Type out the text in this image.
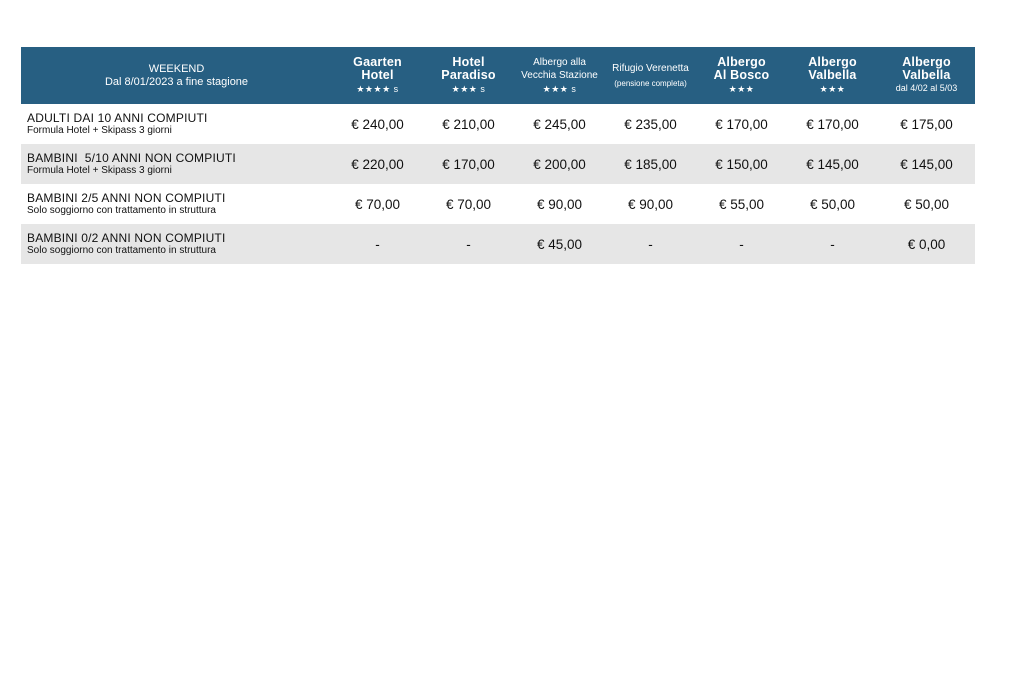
WEEKEND
Dal 8/01/2023 a fine stagione	Gaarten
Hotel
★★★★ s	Hotel
Paradiso
★★★ s	Albergo alla
Vecchia Stazione
★★★ s	Rifugio Verenetta
(pensione completa)	Albergo
Al Bosco
★★★	Albergo
Valbella
★★★	Albergo
Valbella
dal 4/02 al 5/03

ADULTI DAI 10 ANNI COMPIUTI
Formula Hotel + Skipass 3 giorni	€ 240,00	€ 210,00	€ 245,00	€ 235,00	€ 170,00	€ 170,00	€ 175,00

BAMBINI  5/10 ANNI NON COMPIUTI
Formula Hotel + Skipass 3 giorni	€ 220,00	€ 170,00	€ 200,00	€ 185,00	€ 150,00	€ 145,00	€ 145,00

BAMBINI 2/5 ANNI NON COMPIUTI
Solo soggiorno con trattamento in struttura	€ 70,00	€ 70,00	€ 90,00	€ 90,00	€ 55,00	€ 50,00	€ 50,00

BAMBINI 0/2 ANNI NON COMPIUTI
Solo soggiorno con trattamento in struttura	-	-	€ 45,00	-	-	-	€ 0,00
